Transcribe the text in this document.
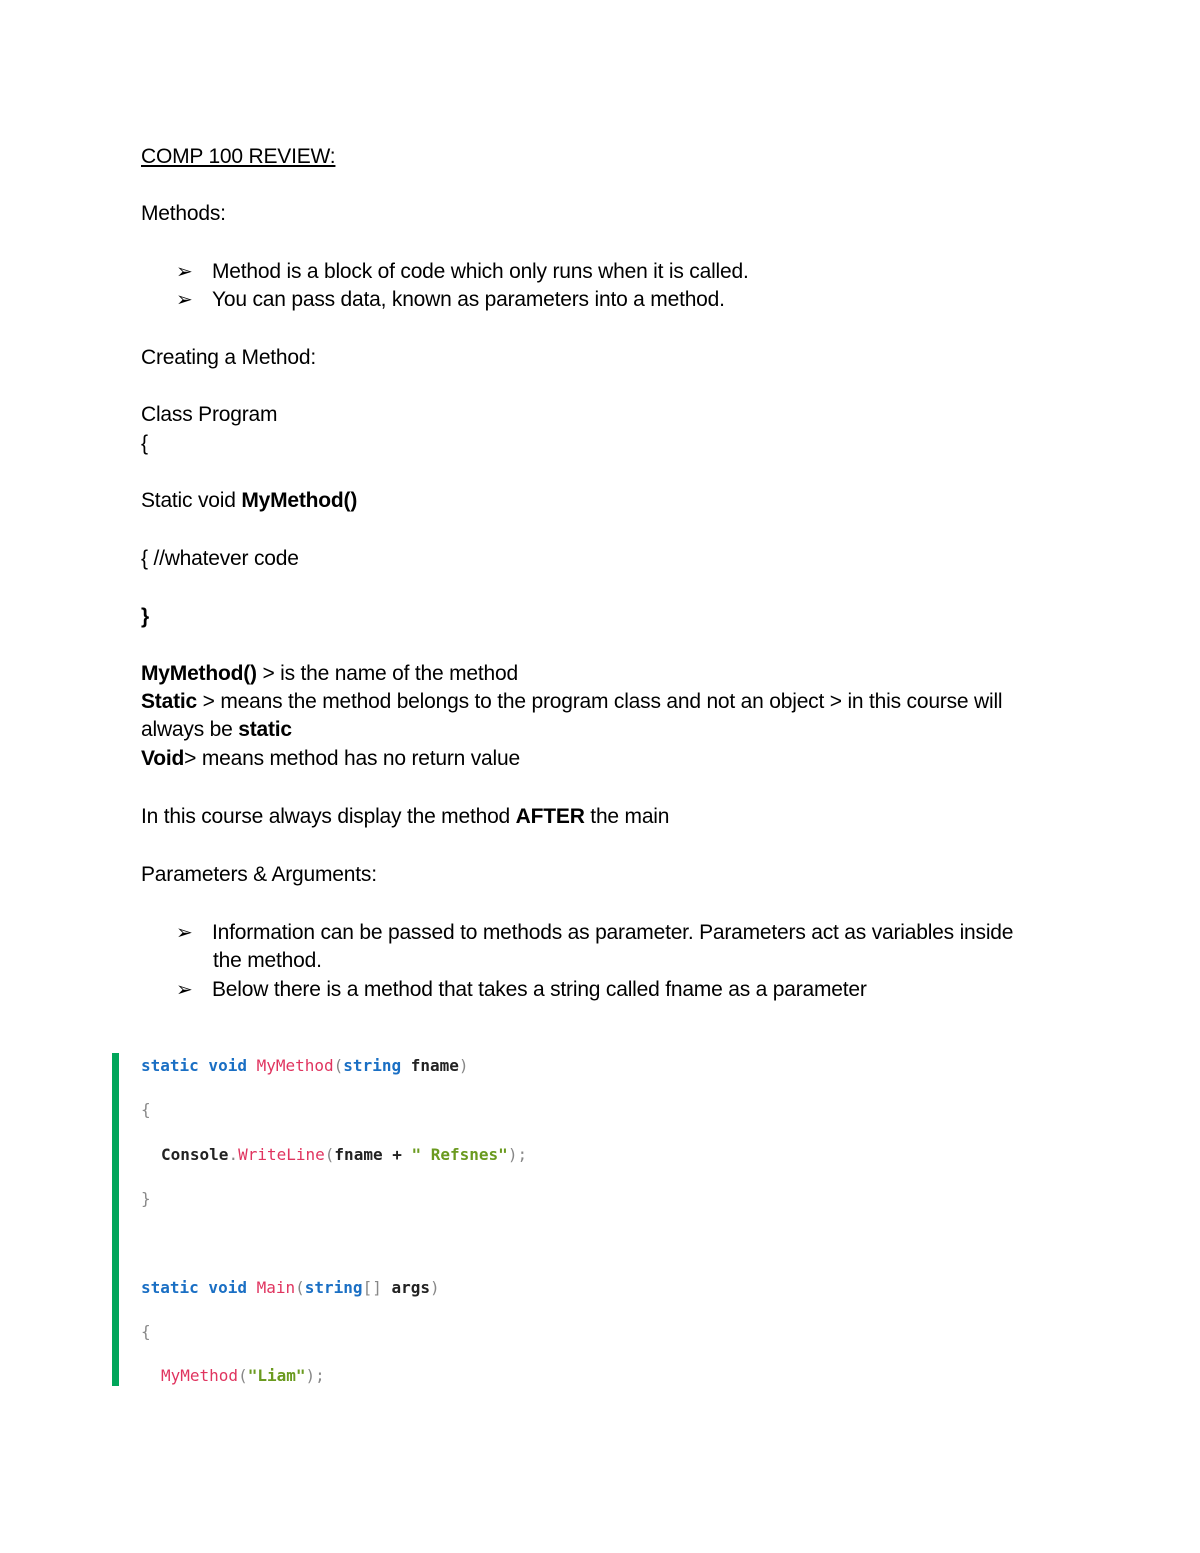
COMP 100 REVIEW:
Methods:
➢ Method is a block of code which only runs when it is called.
➢ You can pass data, known as parameters into a method.
Creating a Method:
Class Program
{
Static void MyMethod()
{ //whatever code
}
MyMethod() > is the name of the method
Static > means the method belongs to the program class and not an object > in this course will
always be static
Void> means method has no return value
In this course always display the method AFTER the main
Parameters & Arguments:
➢ Information can be passed to methods as parameter. Parameters act as variables inside
the method.
➢ Below there is a method that takes a string called fname as a parameter
static void MyMethod(string fname)
{
Console.WriteLine(fname + " Refsnes");
}
static void Main(string[] args)
{
MyMethod("Liam");
